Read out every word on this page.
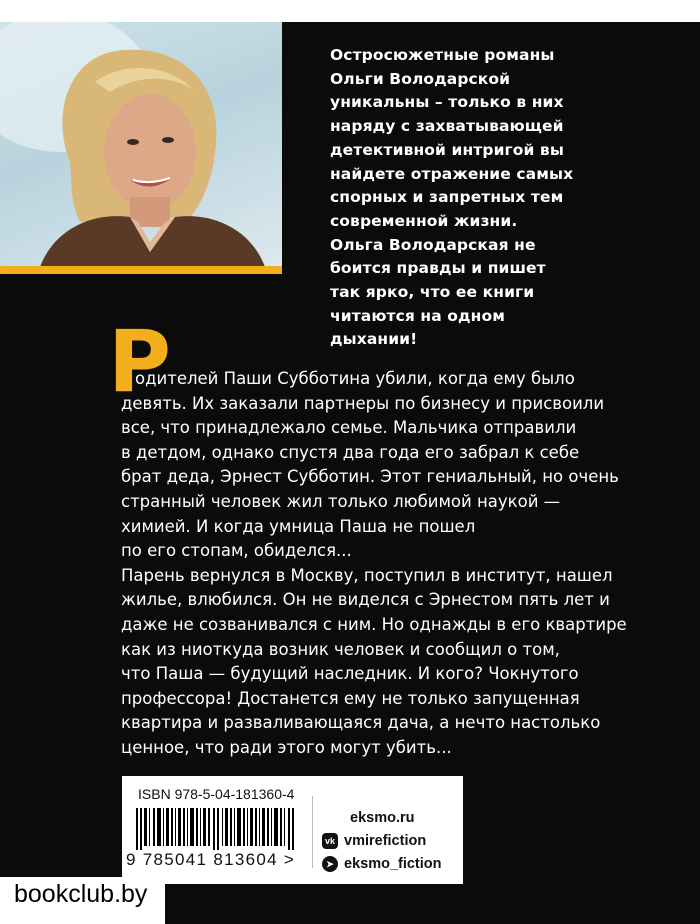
Остросюжетные романы
Ольги Володарской
уникальны – только в них
наряду с захватывающей
детективной интригой вы
найдете отражение самых
спорных и запретных тем
современной жизни.
Ольга Володарская не
боится правды и пишет
так ярко, что ее книги
читаются на одном
дыхании!
Р
одителей Паши Субботина убили, когда ему было
девять. Их заказали партнеры по бизнесу и присвоили
все, что принадлежало семье. Мальчика отправили
в детдом, однако спустя два года его забрал к себе
брат деда, Эрнест Субботин. Этот гениальный, но очень
странный человек жил только любимой наукой —
химией. И когда умница Паша не пошел
по его стопам, обиделся...
Парень вернулся в Москву, поступил в институт, нашел
жилье, влюбился. Он не виделся с Эрнестом пять лет и
даже не созванивался с ним. Но однажды в его квартире
как из ниоткуда возник человек и сообщил о том,
что Паша — будущий наследник. И кого? Чокнутого
профессора! Достанется ему не только запущенная
квартира и разваливающаяся дача, а нечто настолько
ценное, что ради этого могут убить...
ISBN 978-5-04-181360-4
9 785041 813604 >
eksmo.ru
vk vmirefiction
➤ eksmo_fiction
bookclub.by
